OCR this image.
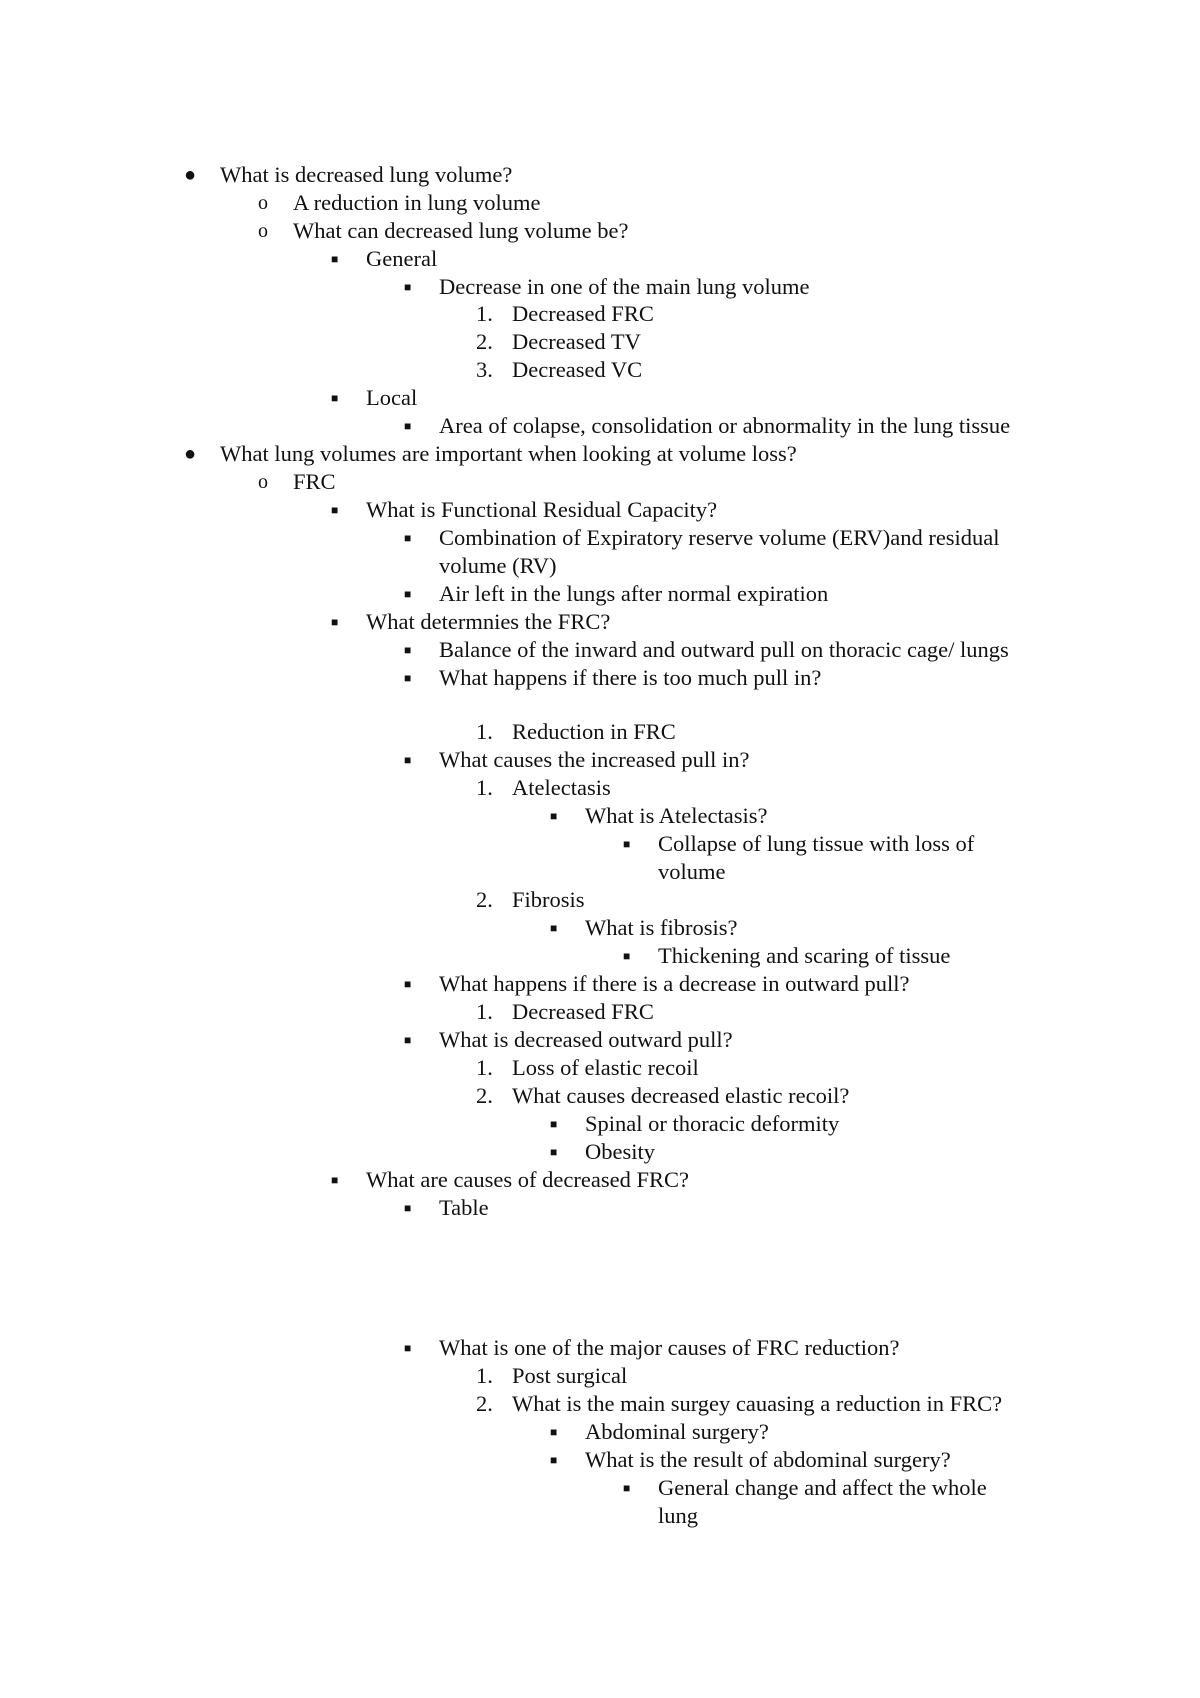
● What is decreased lung volume?
o A reduction in lung volume
o What can decreased lung volume be?
■ General
■ Decrease in one of the main lung volume
1. Decreased FRC
2. Decreased TV
3. Decreased VC
■ Local
■ Area of colapse, consolidation or abnormality in the lung tissue
● What lung volumes are important when looking at volume loss?
o FRC
■ What is Functional Residual Capacity?
■ Combination of Expiratory reserve volume (ERV)and residual
volume (RV)
■ Air left in the lungs after normal expiration
■ What determnies the FRC?
■ Balance of the inward and outward pull on thoracic cage/ lungs
■ What happens if there is too much pull in?
1. Reduction in FRC
■ What causes the increased pull in?
1. Atelectasis
■ What is Atelectasis?
■ Collapse of lung tissue with loss of
volume
2. Fibrosis
■ What is fibrosis?
■ Thickening and scaring of tissue
■ What happens if there is a decrease in outward pull?
1. Decreased FRC
■ What is decreased outward pull?
1. Loss of elastic recoil
2. What causes decreased elastic recoil?
■ Spinal or thoracic deformity
■ Obesity
■ What are causes of decreased FRC?
■ Table
■ What is one of the major causes of FRC reduction?
1. Post surgical
2. What is the main surgey cauasing a reduction in FRC?
■ Abdominal surgery?
■ What is the result of abdominal surgery?
■ General change and affect the whole
lung
